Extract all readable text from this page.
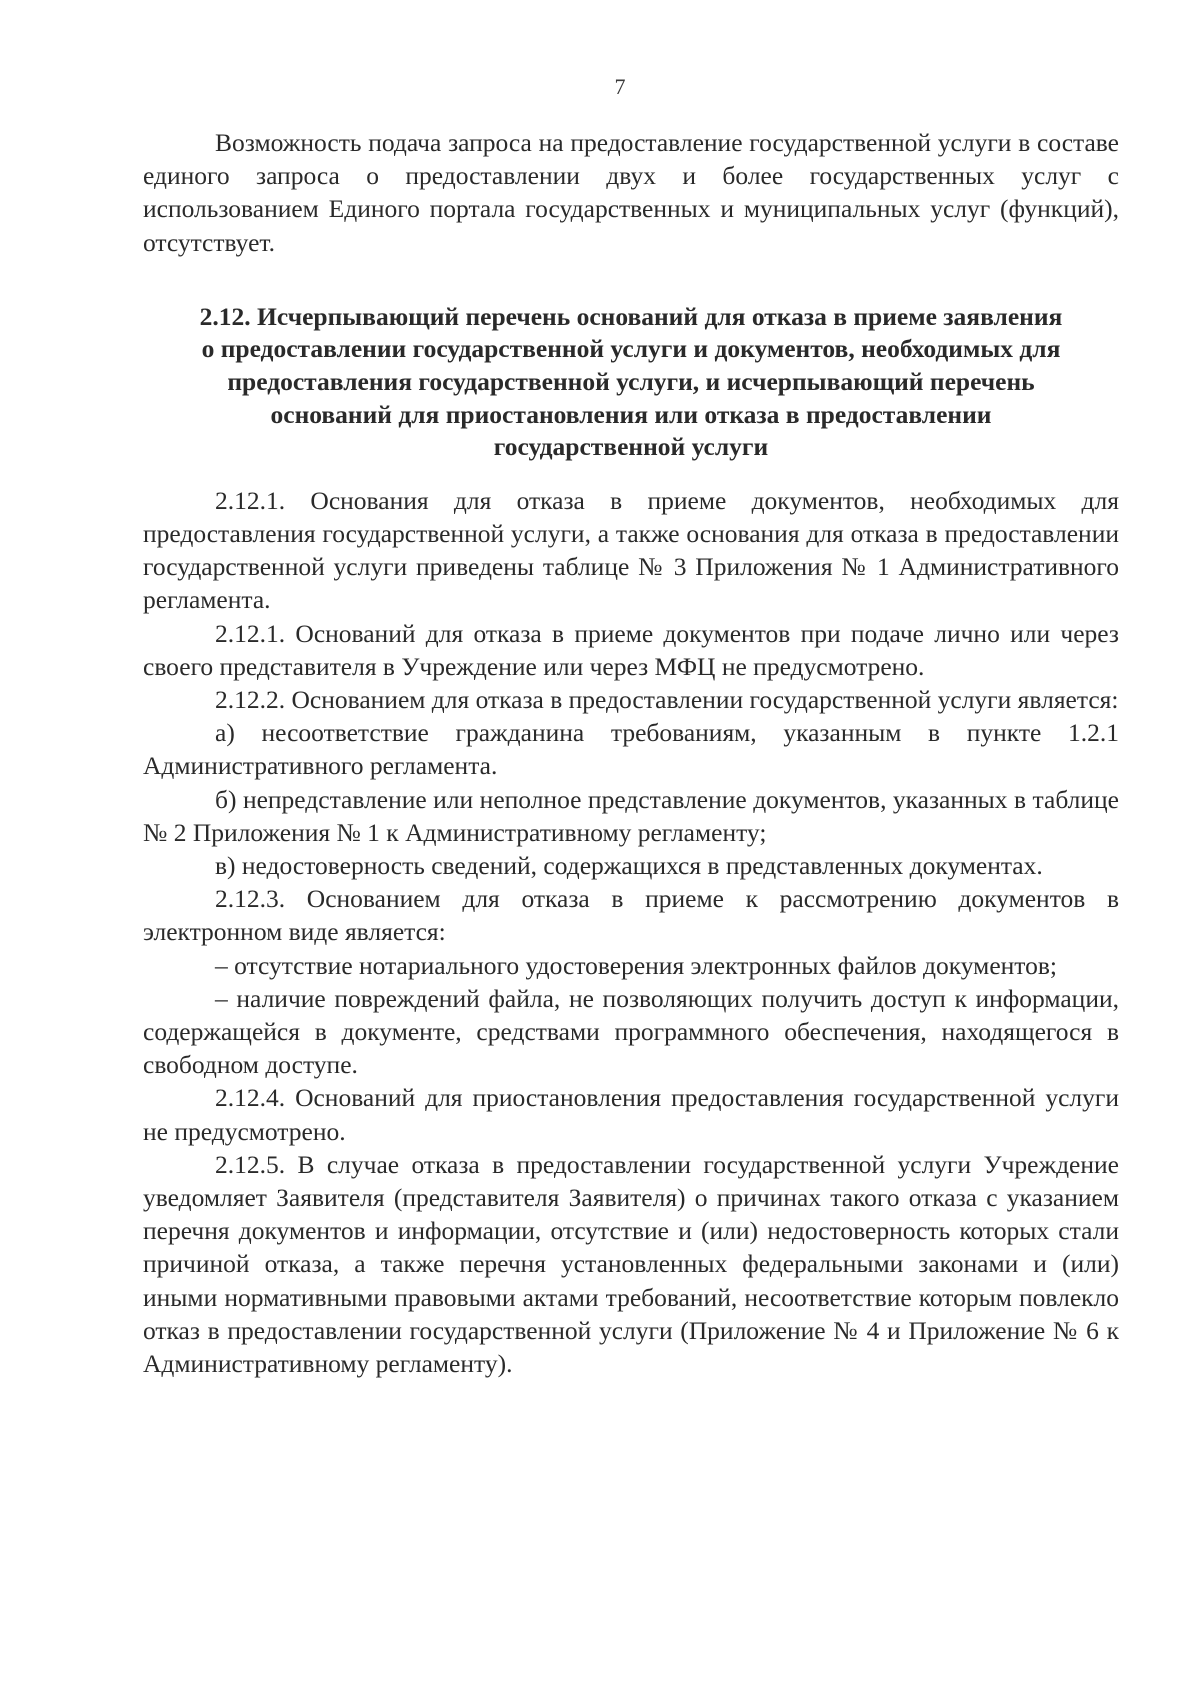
7

Возможность подача запроса на предоставление государственной услуги в составе единого запроса о предоставлении двух и более государственных услуг с использованием Единого портала государственных и муниципальных услуг (функций), отсутствует.

2.12. Исчерпывающий перечень оснований для отказа в приеме заявления
о предоставлении государственной услуги и документов, необходимых для
предоставления государственной услуги, и исчерпывающий перечень
оснований для приостановления или отказа в предоставлении
государственной услуги

2.12.1. Основания для отказа в приеме документов, необходимых для предоставления государственной услуги, а также основания для отказа в предоставлении государственной услуги приведены таблице № 3 Приложения № 1 Административного регламента.

2.12.1. Оснований для отказа в приеме документов при подаче лично или через своего представителя в Учреждение или через МФЦ не предусмотрено.

2.12.2. Основанием для отказа в предоставлении государственной услуги является:

а) несоответствие гражданина требованиям, указанным в пункте 1.2.1 Административного регламента.

б) непредставление или неполное представление документов, указанных в таблице № 2 Приложения № 1 к Административному регламенту;

в) недостоверность сведений, содержащихся в представленных документах.

2.12.3. Основанием для отказа в приеме к рассмотрению документов в электронном виде является:

– отсутствие нотариального удостоверения электронных файлов документов;

– наличие повреждений файла, не позволяющих получить доступ к информации, содержащейся в документе, средствами программного обеспечения, находящегося в свободном доступе.

2.12.4. Оснований для приостановления предоставления государственной услуги не предусмотрено.

2.12.5. В случае отказа в предоставлении государственной услуги Учреждение уведомляет Заявителя (представителя Заявителя) о причинах такого отказа с указанием перечня документов и информации, отсутствие и (или) недостоверность которых стали причиной отказа, а также перечня установленных федеральными законами и (или) иными нормативными правовыми актами требований, несоответствие которым повлекло отказ в предоставлении государственной услуги (Приложение № 4 и Приложение № 6 к Административному регламенту).
